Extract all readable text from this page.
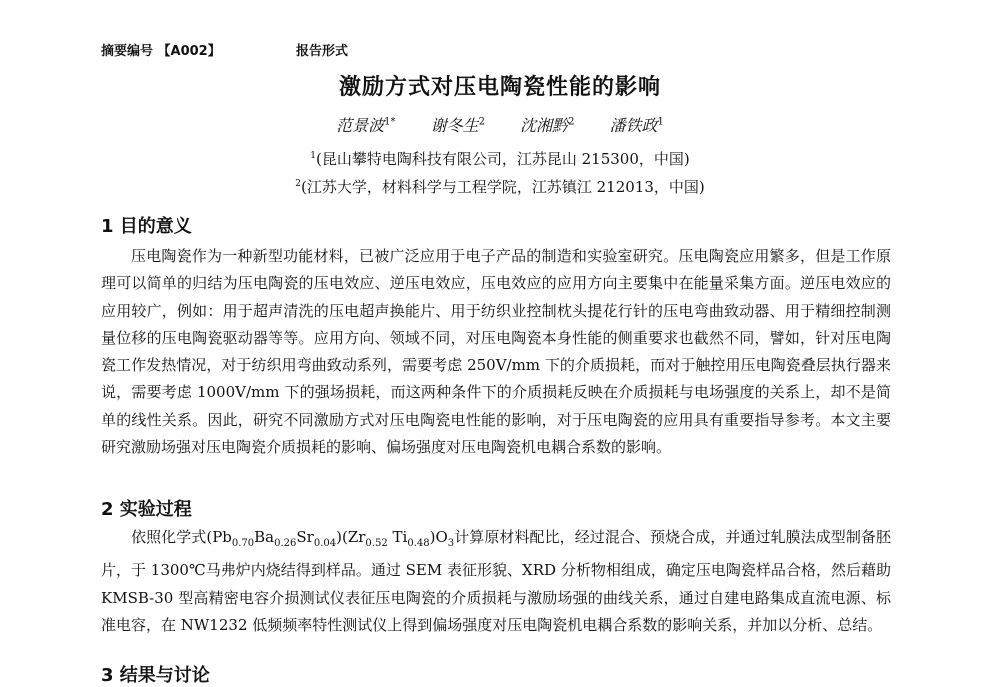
摘要编号 【A002】	报告形式
激励方式对压电陶瓷性能的影响
范景波$^{1*}$ 谢冬生$^2$ 沈湘黔$^2$ 潘铁政$^1$
$^1$(昆山攀特电陶科技有限公司，江苏昆山 215300，中国)
$^2$(江苏大学，材料科学与工程学院，江苏镇江 212013，中国)
1 目的意义
压电陶瓷作为一种新型功能材料，已被广泛应用于电子产品的制造和实验室研究。压电陶瓷应用繁多，但是工作原理可以简单的归结为压电陶瓷的压电效应、逆压电效应，压电效应的应用方向主要集中在能量采集方面。逆压电效应的应用较广，例如：用于超声清洗的压电超声换能片、用于纺织业控制枕头提花行针的压电弯曲致动器、用于精细控制测量位移的压电陶瓷驱动器等等。应用方向、领域不同，对压电陶瓷本身性能的侧重要求也截然不同，譬如，针对压电陶瓷工作发热情况，对于纺织用弯曲致动系列，需要考虑 250V/mm 下的介质损耗，而对于触控用压电陶瓷叠层执行器来说，需要考虑 1000V/mm 下的强场损耗，而这两种条件下的介质损耗反映在介质损耗与电场强度的关系上，却不是简单的线性关系。因此，研究不同激励方式对压电陶瓷电性能的影响，对于压电陶瓷的应用具有重要指导参考。本文主要研究激励场强对压电陶瓷介质损耗的影响、偏场强度对压电陶瓷机电耦合系数的影响。
2 实验过程
依照化学式$(Pb_{0.70}Ba_{0.26}Sr_{0.04})(Zr_{0.52}$ $Ti_{0.48})O_3$计算原材料配比，经过混合、预烧合成，并通过轧膜法成型制备胚片，于 1300℃马弗炉内烧结得到样品。通过 SEM 表征形貌、XRD 分析物相组成，确定压电陶瓷样品合格，然后藉助 KMSB-30 型高精密电容介损测试仪表征压电陶瓷的介质损耗与激励场强的曲线关系，通过自建电路集成直流电源、标准电容，在 NW1232 低频频率特性测试仪上得到偏场强度对压电陶瓷机电耦合系数的影响关系，并加以分析、总结。
3 结果与讨论
